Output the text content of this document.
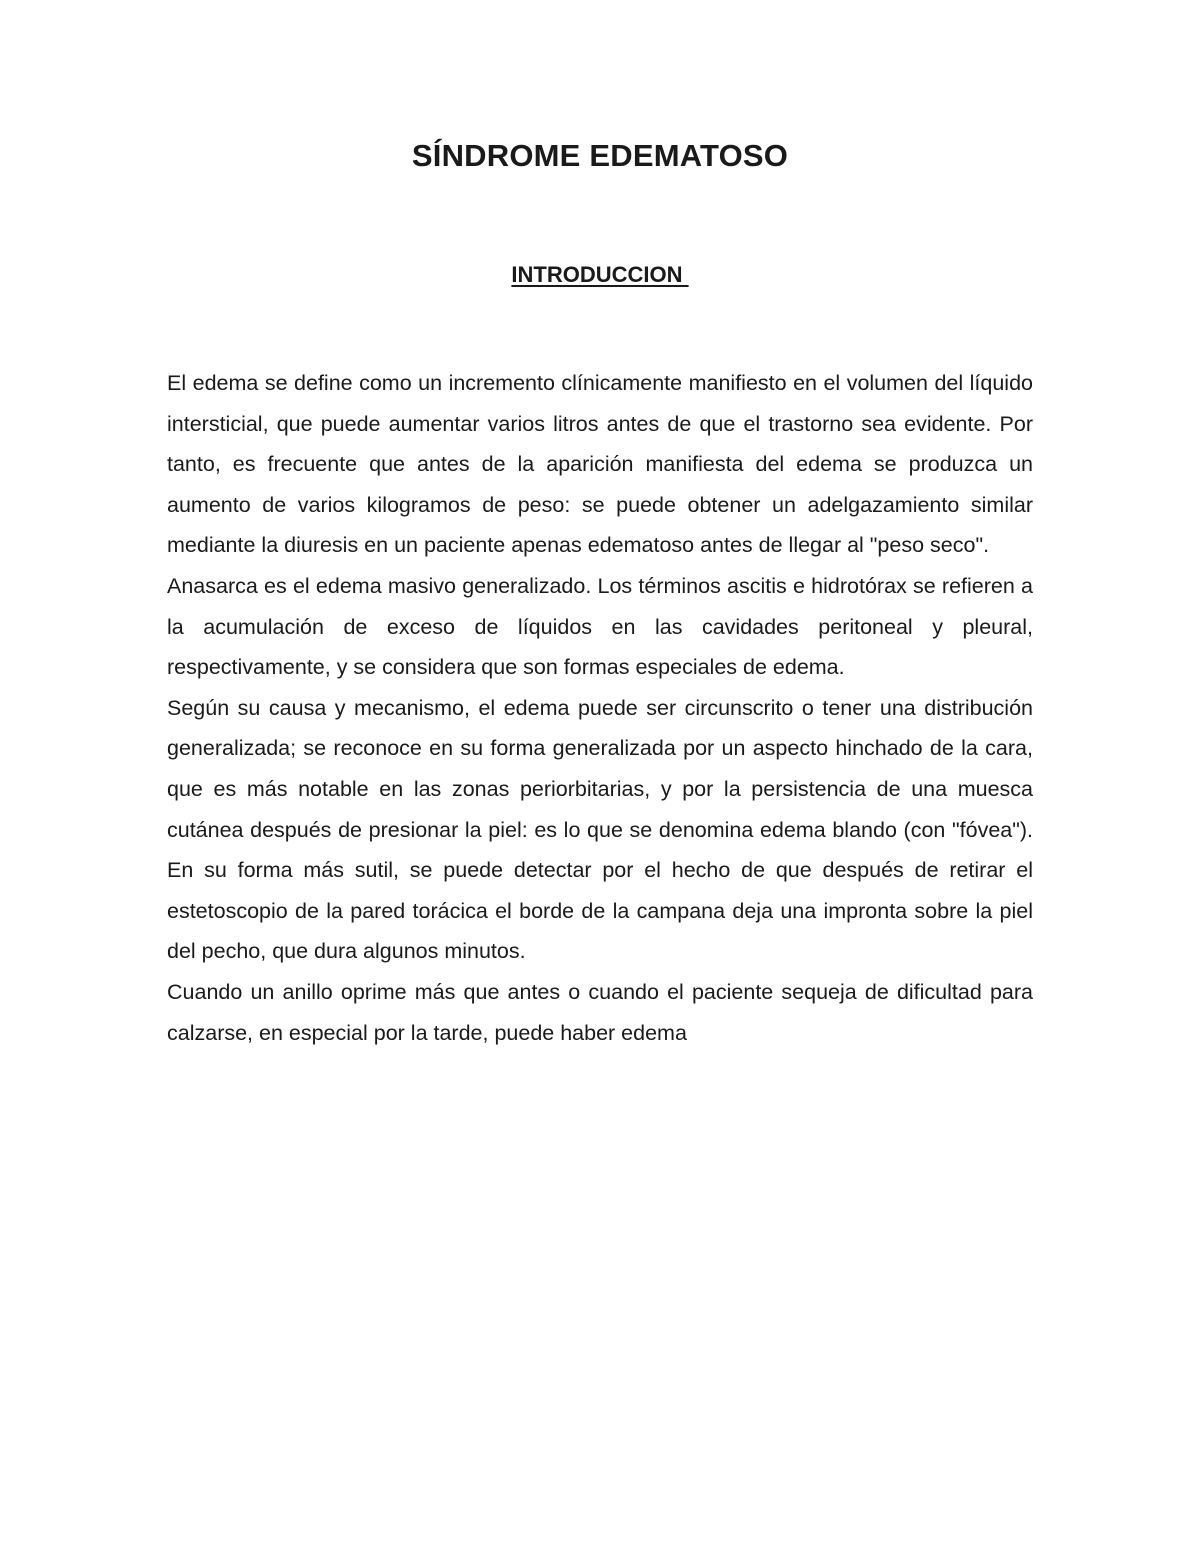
SÍNDROME EDEMATOSO
INTRODUCCION

El edema se define como un incremento clínicamente manifiesto en el volumen del líquido intersticial, que puede aumentar varios litros antes de que el trastorno sea evidente. Por tanto, es frecuente que antes de la aparición manifiesta del edema se produzca un aumento de varios kilogramos de peso: se puede obtener un adelgazamiento similar mediante la diuresis en un paciente apenas edematoso antes de llegar al "peso seco".

Anasarca es el edema masivo generalizado. Los términos ascitis e hidrotórax se refieren a la acumulación de exceso de líquidos en las cavidades peritoneal y pleural, respectivamente, y se considera que son formas especiales de edema.

Según su causa y mecanismo, el edema puede ser circunscrito o tener una distribución generalizada; se reconoce en su forma generalizada por un aspecto hinchado de la cara, que es más notable en las zonas periorbitarias, y por la persistencia de una muesca cutánea después de presionar la piel: es lo que se denomina edema blando (con "fóvea"). En su forma más sutil, se puede detectar por el hecho de que después de retirar el estetoscopio de la pared torácica el borde de la campana deja una impronta sobre la piel del pecho, que dura algunos minutos.

Cuando un anillo oprime más que antes o cuando el paciente sequeja de dificultad para calzarse, en especial por la tarde, puede haber edema
